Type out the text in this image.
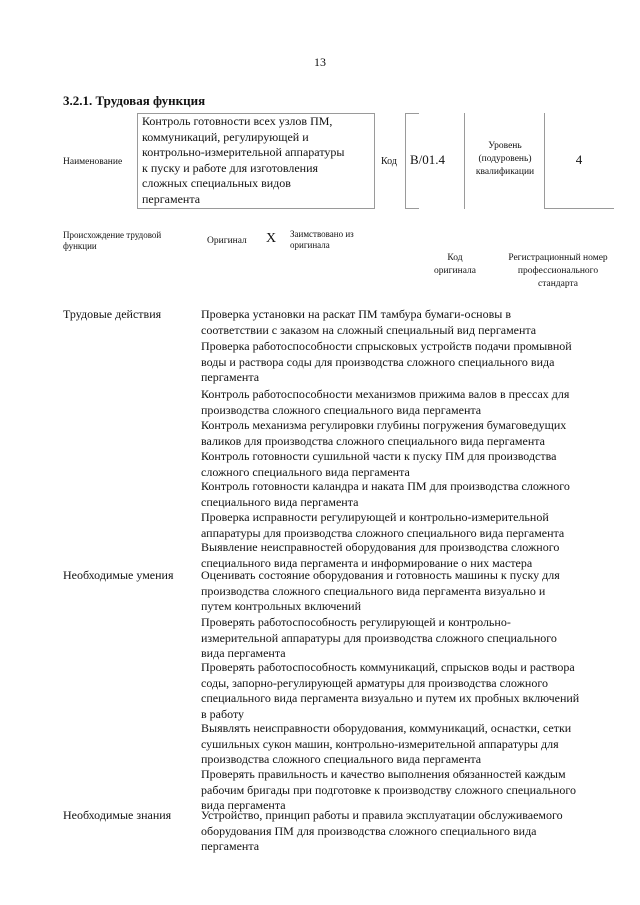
13
3.2.1. Трудовая функция
Наименование
Контроль готовности всех узлов ПМ,
коммуникаций, регулирующей и
контрольно-измерительной аппаратуры
к пуску и работе для изготовления
сложных специальных видов
пергамента
Код B/01.4
Уровень
(подуровень)
квалификации
4
Происхождение трудовой
функции	Оригинал X Заимствовано из
оригинала
Код
оригинала
Регистрационный номер
профессионального
стандарта
Трудовые действия
Необходимые умения
Необходимые знания
Проверка установки на раскат ПМ тамбура бумаги-основы в
соответствии с заказом на сложный специальный вид пергамента
Проверка работоспособности спрысковых устройств подачи промывной
воды и раствора соды для производства сложного специального вида
пергамента
Контроль работоспособности механизмов прижима валов в прессах для
производства сложного специального вида пергамента
Контроль механизма регулировки глубины погружения бумаговедущих
валиков для производства сложного специального вида пергамента
Контроль готовности сушильной части к пуску ПМ для производства
сложного специального вида пергамента
Контроль готовности каландра и наката ПМ для производства сложного
специального вида пергамента
Проверка исправности регулирующей и контрольно-измерительной
аппаратуры для производства сложного специального вида пергамента
Выявление неисправностей оборудования для производства сложного
специального вида пергамента и информирование о них мастера
Оценивать состояние оборудования и готовность машины к пуску для
производства сложного специального вида пергамента визуально и
путем контрольных включений
Проверять работоспособность регулирующей и контрольно-
измерительной аппаратуры для производства сложного специального
вида пергамента
Проверять работоспособность коммуникаций, спрысков воды и раствора
соды, запорно-регулирующей арматуры для производства сложного
специального вида пергамента визуально и путем их пробных включений
в работу
Выявлять неисправности оборудования, коммуникаций, оснастки, сетки
сушильных сукон машин, контрольно-измерительной аппаратуры для
производства сложного специального вида пергамента
Проверять правильность и качество выполнения обязанностей каждым
рабочим бригады при подготовке к производству сложного специального
вида пергамента
Устройство, принцип работы и правила эксплуатации обслуживаемого
оборудования ПМ для производства сложного специального вида
пергамента
